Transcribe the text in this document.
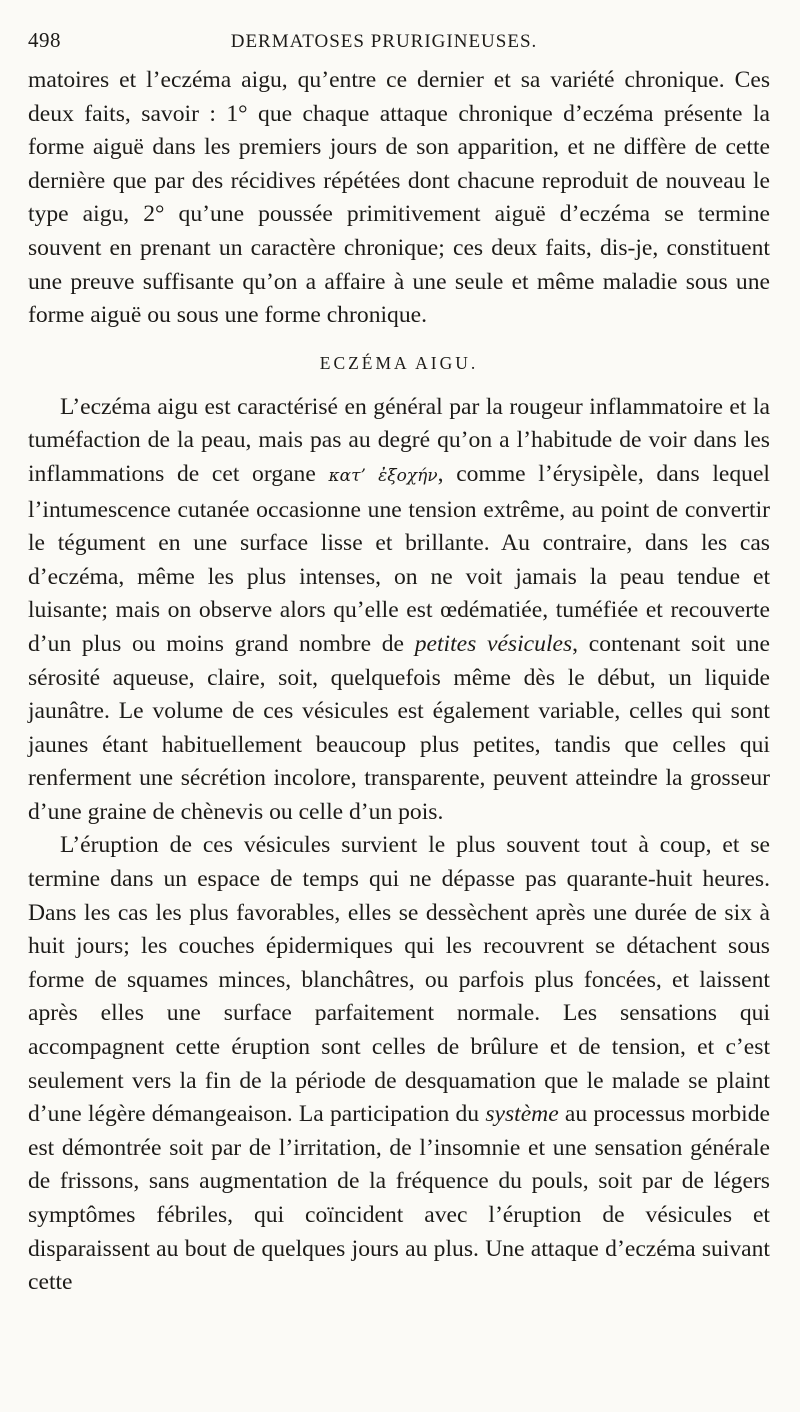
498	DERMATOSES PRURIGINEUSES.

matoires et l’eczéma aigu, qu’entre ce dernier et sa variété chronique. Ces deux faits, savoir : 1° que chaque attaque chronique d’eczéma présente la forme aiguë dans les premiers jours de son apparition, et ne diffère de cette dernière que par des récidives répétées dont chacune reproduit de nouveau le type aigu, 2° qu’une poussée primitivement aiguë d’eczéma se termine souvent en prenant un caractère chronique; ces deux faits, dis-je, constituent une preuve suffisante qu’on a affaire à une seule et même maladie sous une forme aiguë ou sous une forme chronique.

ECZÉMA AIGU.

L’eczéma aigu est caractérisé en général par la rougeur inflammatoire et la tuméfaction de la peau, mais pas au degré qu’on a l’habitude de voir dans les inflammations de cet organe κατ’ ἐξοχήν, comme l’érysipèle, dans lequel l’intumescence cutanée occasionne une tension extrême, au point de convertir le tégument en une surface lisse et brillante. Au contraire, dans les cas d’eczéma, même les plus intenses, on ne voit jamais la peau tendue et luisante; mais on observe alors qu’elle est œdématiée, tuméfiée et recouverte d’un plus ou moins grand nombre de petites vésicules, contenant soit une sérosité aqueuse, claire, soit, quelquefois même dès le début, un liquide jaunâtre. Le volume de ces vésicules est également variable, celles qui sont jaunes étant habituellement beaucoup plus petites, tandis que celles qui renferment une sécrétion incolore, transparente, peuvent atteindre la grosseur d’une graine de chènevis ou celle d’un pois.

L’éruption de ces vésicules survient le plus souvent tout à coup, et se termine dans un espace de temps qui ne dépasse pas quarante-huit heures. Dans les cas les plus favorables, elles se dessèchent après une durée de six à huit jours; les couches épidermiques qui les recouvrent se détachent sous forme de squames minces, blanchâtres, ou parfois plus foncées, et laissent après elles une surface parfaitement normale. Les sensations qui accompagnent cette éruption sont celles de brûlure et de tension, et c’est seulement vers la fin de la période de desquamation que le malade se plaint d’une légère démangeaison. La participation du système au processus morbide est démontrée soit par de l’irritation, de l’insomnie et une sensation générale de frissons, sans augmentation de la fréquence du pouls, soit par de légers symptômes fébriles, qui coïncident avec l’éruption de vésicules et disparaissent au bout de quelques jours au plus. Une attaque d’eczéma suivant cette
